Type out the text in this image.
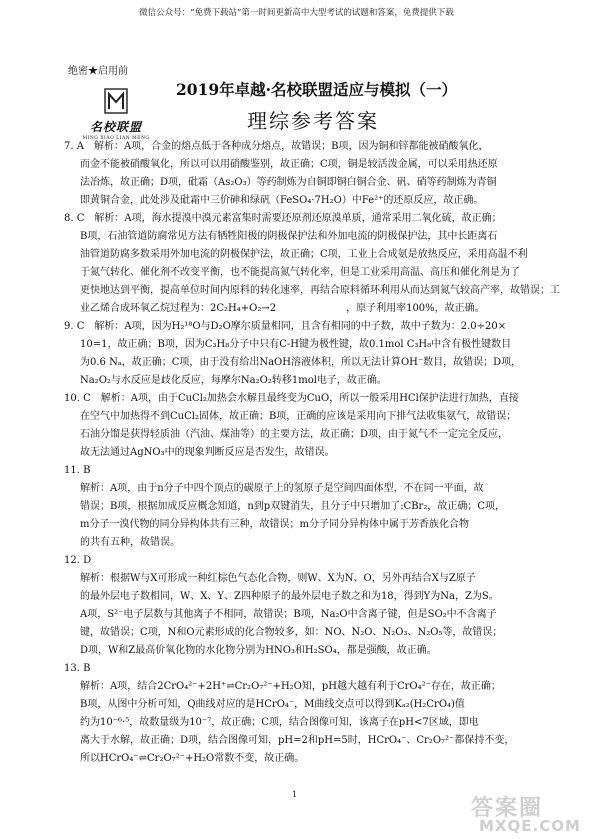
微信公众号：“免费下载站”第一时间更新高中大型考试的试题和答案，免费提供下载
绝密★启用前
名校联盟
MING XIAO LIAN MENG
2019年卓越·名校联盟适应与模拟（一）
理综参考答案
7. A　解析：A项，合金的熔点低于各种成分熔点，故错误；B项，因为铜和锌都能被硝酸氧化，
而金不能被硝酸氧化，所以可以用硝酸鉴别，故正确；C项，铜是较活泼金属，可以采用热还原
法冶炼，故正确；D项，砒霜（As₂O₃）等药制炼为自铜即铜白铜合金、矾、硝等药制炼为青铜
即黄铜合金，此处涉及砒霜中三价砷和绿矾（FeSO₄·7H₂O）中Fe²⁺的还原反应，故正确。
8. C　解析：A项，海水提溴中溴元素富集时需要还原剂还原溴单质，通常采用二氧化硫，故正确；
B项，石油管道防腐常见方法有牺牲阳极的阴极保护法和外加电流的阴极保护法，其中长距离石
油管道防腐多数采用外加电流的阴极保护法，故正确；C项，工业上合成氨是放热反应，采用高温不利
于氮气转化、催化剂不改变平衡，也不能提高氮气转化率，但是工业采用高温、高压和催化剂是为了
更快地达到平衡，提高单位时间内原料的转化速率，再结合原料循环利用从而达到氮气较高产率，故错误；工
业乙烯合成环氧乙烷过程为：2C₂H₄+O₂→2　　　　　　　，原子利用率100%，故正确。
9. C　解析：A项，因为H₂¹⁸O与D₂O摩尔质量相同，且含有相同的中子数，故中子数为：2.0÷20×
10=1，故正确；B项，因为C₃H₈分子中只有C-H键为极性键，故0.1mol C₃H₈中含有极性键数目
为0.6 Nₐ，故正确；C项，由于没有给出NaOH溶液体积，所以无法计算OH⁻数目，故错误；D项，
Na₂O₂与水反应是歧化反应，每摩尔Na₂O₂转移1mol电子，故正确。
10. C　解析：A项，由于CuCl₂加热会水解且最终变为CuO，所以一般采用HCl保护法进行加热，直接
在空气中加热得不到CuCl₂固体，故正确；B项，正确的应该是采用向下排气法收集氨气，故错误；
石油分馏是获得轻质油（汽油、煤油等）的主要方法，故正确；D项，由于氮气不一定完全反应，
故无法通过AgNO₃中的现象判断反应是否发生，故错误。
11. B
解析：A项，由于n分子中四个顶点的碳原子上的氢原子是空间四面体型，不在同一平面，故
错误；B项，根据加成反应概念知道，n到p双键消失，且分子中只增加了:CBr₂，故正确；C项，
m分子一溴代物的同分异构体共有三种，故错误；m分子同分异构体中属于芳香族化合物
的共有五种，故错误。
12. D
解析：根据W与X可形成一种红棕色气态化合物，则W、X为N、O，另外再结合X与Z原子
的最外层电子数相同，W、X、Y、Z四种原子的最外层电子数之和为18，得到Y为Na，Z为S。
A项，S²⁻电子层数与其他离子不相同，故错误；B项，Na₂O中含离子键，但是SO₂中不含离子
键，故错误；C项，N和O元素形成的化合物较多，如：NO、N₂O、N₂O₃、N₂O₅等，故错误；
D项，W和Z最高价氧化物的水化物分别为HNO₃和H₂SO₄，都是强酸，故正确。
13. B
解析：A项，结合2CrO₄²⁻+2H⁺⇌Cr₂O₇²⁻+H₂O知，pH越大越有利于CrO₄²⁻存在，故正确；
B项，从图中分析可知，Q曲线对应的是HCrO₄⁻，M曲线交点可以得到Kₐ₂(H₂CrO₄)值
约为10⁻⁶·⁵，故数量级为10⁻⁷，故正确；C项，结合图像可知，该离子在pH<7区域，即电
离大于水解，故正确；D项，结合图像可知，pH=2和pH=5时，HCrO₄⁻、Cr₂O₇²⁻都保持不变，
所以HCrO₄⁻⇌Cr₂O₇²⁻+H₂O常数不变，故正确。
1
答案圈
MXQE.COM
